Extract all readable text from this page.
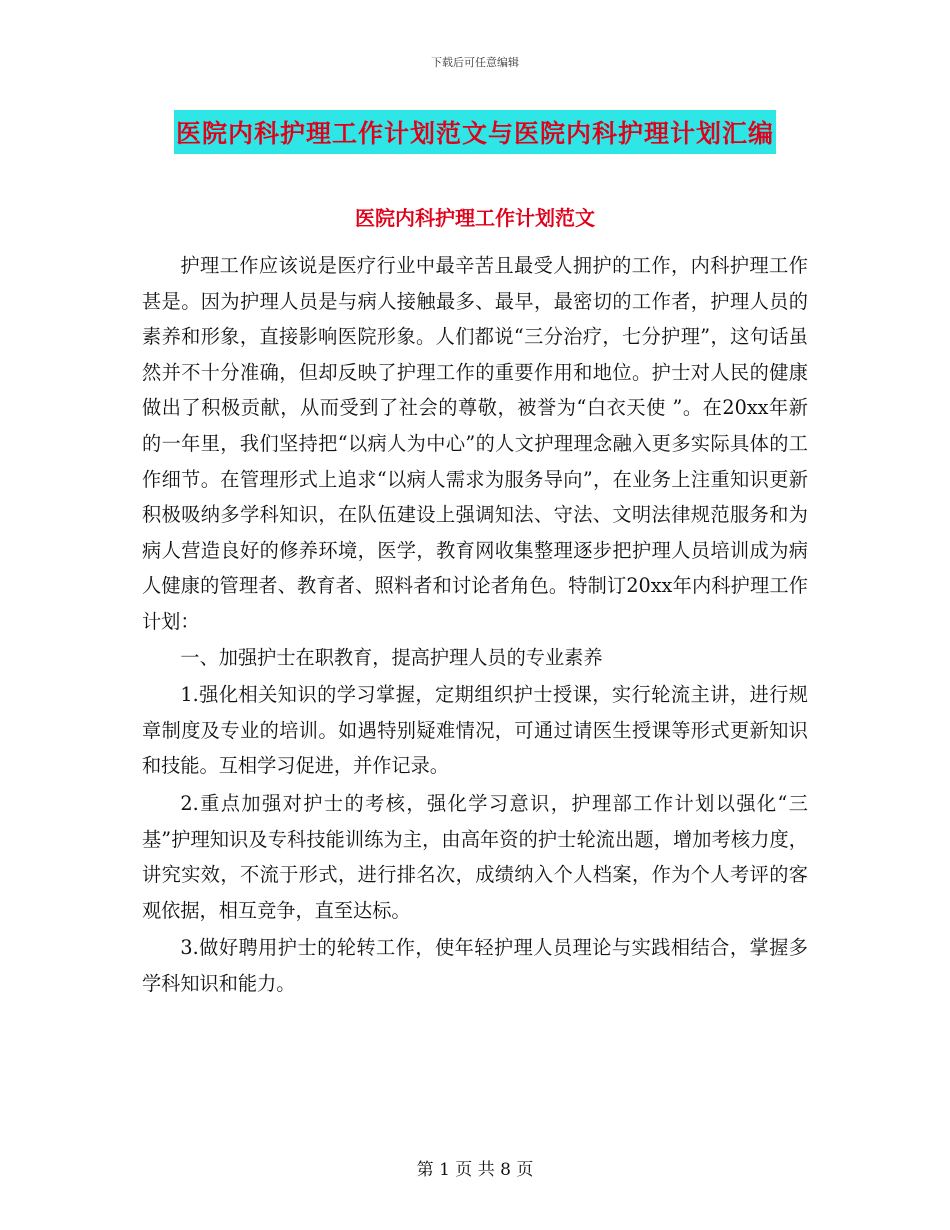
下载后可任意编辑
医院内科护理工作计划范文与医院内科护理计划汇编
医院内科护理工作计划范文

护理工作应该说是医疗行业中最辛苦且最受人拥护的工作，内科护理工作甚是。因为护理人员是与病人接触最多、最早，最密切的工作者，护理人员的素养和形象，直接影响医院形象。人们都说“三分治疗，七分护理”，这句话虽然并不十分准确，但却反映了护理工作的重要作用和地位。护士对人民的健康做出了积极贡献，从而受到了社会的尊敬，被誉为“白衣天使 ”。在20xx年新的一年里，我们坚持把“以病人为中心”的人文护理理念融入更多实际具体的工作细节。在管理形式上追求“以病人需求为服务导向”，在业务上注重知识更新积极吸纳多学科知识，在队伍建设上强调知法、守法、文明法律规范服务和为病人营造良好的修养环境，医学，教育网收集整理逐步把护理人员培训成为病人健康的管理者、教育者、照料者和讨论者角色。特制订20xx年内科护理工作计划：

一、加强护士在职教育，提高护理人员的专业素养

1.强化相关知识的学习掌握，定期组织护士授课，实行轮流主讲，进行规章制度及专业的培训。如遇特别疑难情况，可通过请医生授课等形式更新知识和技能。互相学习促进，并作记录。

2.重点加强对护士的考核，强化学习意识，护理部工作计划以强化“三基”护理知识及专科技能训练为主，由高年资的护士轮流出题，增加考核力度，讲究实效，不流于形式，进行排名次，成绩纳入个人档案，作为个人考评的客观依据，相互竞争，直至达标。

3.做好聘用护士的轮转工作，使年轻护理人员理论与实践相结合，掌握多学科知识和能力。

第 1 页 共 8 页
